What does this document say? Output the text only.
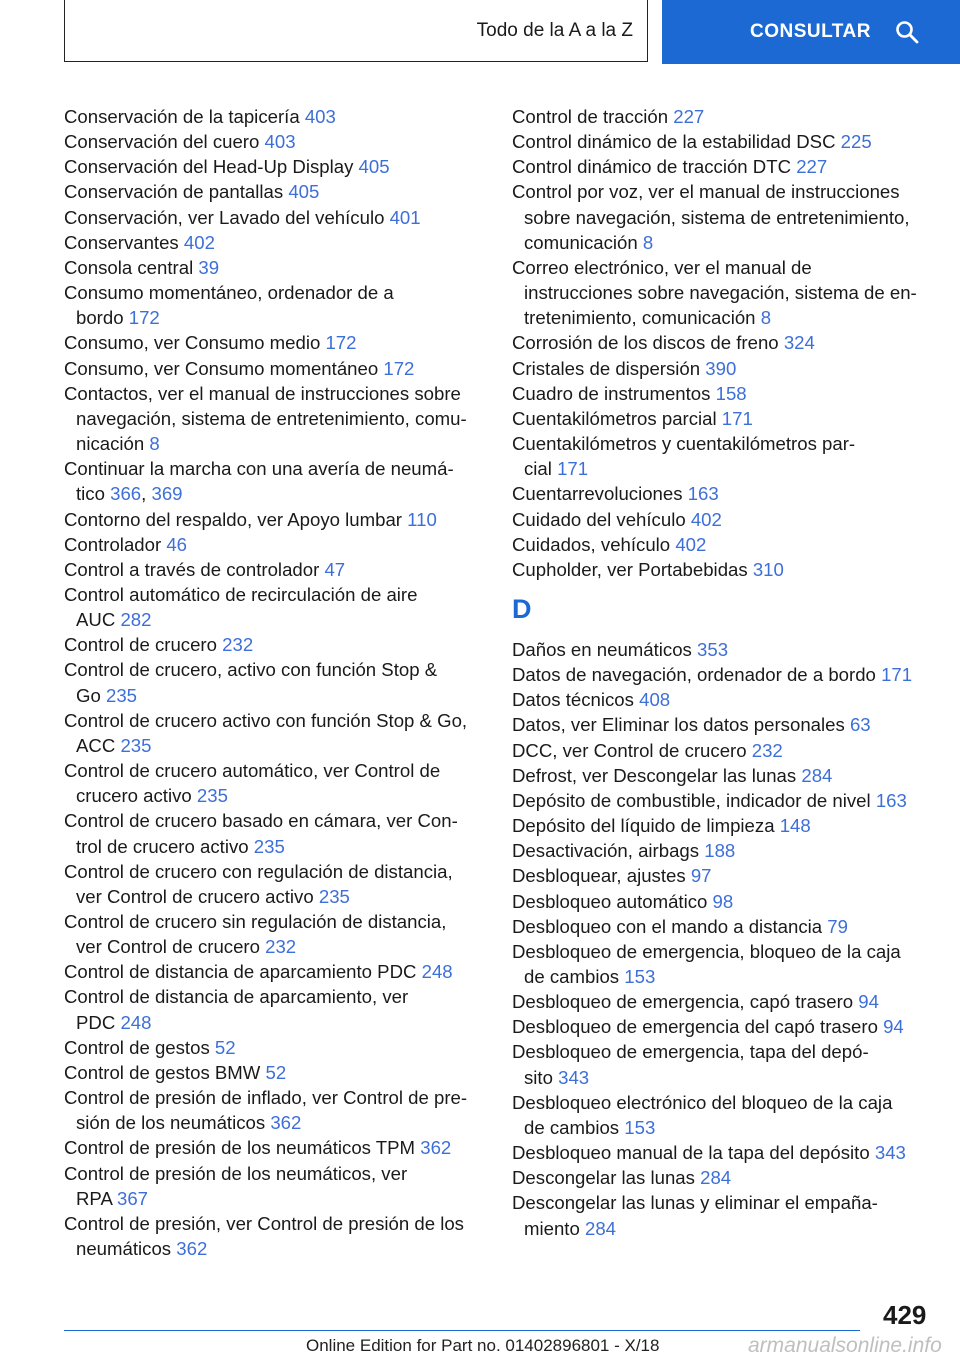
Todo de la A a la Z	CONSULTAR
Conservación de la tapicería 403
Conservación del cuero 403
Conservación del Head-Up Display 405
Conservación de pantallas 405
Conservación, ver Lavado del vehículo 401
Conservantes 402
Consola central 39
Consumo momentáneo, ordenador de a
bordo 172
Consumo, ver Consumo medio 172
Consumo, ver Consumo momentáneo 172
Contactos, ver el manual de instrucciones sobre
navegación, sistema de entretenimiento, comu‐
nicación 8
Continuar la marcha con una avería de neumá‐
tico 366, 369
Contorno del respaldo, ver Apoyo lumbar 110
Controlador 46
Control a través de controlador 47
Control automático de recirculación de aire
AUC 282
Control de crucero 232
Control de crucero, activo con función Stop &
Go 235
Control de crucero activo con función Stop & Go,
ACC 235
Control de crucero automático, ver Control de
crucero activo 235
Control de crucero basado en cámara, ver Con‐
trol de crucero activo 235
Control de crucero con regulación de distancia,
ver Control de crucero activo 235
Control de crucero sin regulación de distancia,
ver Control de crucero 232
Control de distancia de aparcamiento PDC 248
Control de distancia de aparcamiento, ver
PDC 248
Control de gestos 52
Control de gestos BMW 52
Control de presión de inflado, ver Control de pre‐
sión de los neumáticos 362
Control de presión de los neumáticos TPM 362
Control de presión de los neumáticos, ver
RPA 367
Control de presión, ver Control de presión de los
neumáticos 362
Control de tracción 227
Control dinámico de la estabilidad DSC 225
Control dinámico de tracción DTC 227
Control por voz, ver el manual de instrucciones
sobre navegación, sistema de entretenimiento,
comunicación 8
Correo electrónico, ver el manual de
instrucciones sobre navegación, sistema de en‐
tretenimiento, comunicación 8
Corrosión de los discos de freno 324
Cristales de dispersión 390
Cuadro de instrumentos 158
Cuentakilómetros parcial 171
Cuentakilómetros y cuentakilómetros par‐
cial 171
Cuentarrevoluciones 163
Cuidado del vehículo 402
Cuidados, vehículo 402
Cupholder, ver Portabebidas 310
D
Daños en neumáticos 353
Datos de navegación, ordenador de a bordo 171
Datos técnicos 408
Datos, ver Eliminar los datos personales 63
DCC, ver Control de crucero 232
Defrost, ver Descongelar las lunas 284
Depósito de combustible, indicador de nivel 163
Depósito del líquido de limpieza 148
Desactivación, airbags 188
Desbloquear, ajustes 97
Desbloqueo automático 98
Desbloqueo con el mando a distancia 79
Desbloqueo de emergencia, bloqueo de la caja
de cambios 153
Desbloqueo de emergencia, capó trasero 94
Desbloqueo de emergencia del capó trasero 94
Desbloqueo de emergencia, tapa del depó‐
sito 343
Desbloqueo electrónico del bloqueo de la caja
de cambios 153
Desbloqueo manual de la tapa del depósito 343
Descongelar las lunas 284
Descongelar las lunas y eliminar el empaña‐
miento 284
429
Online Edition for Part no. 01402896801 - X/18	armanualsonline.info
